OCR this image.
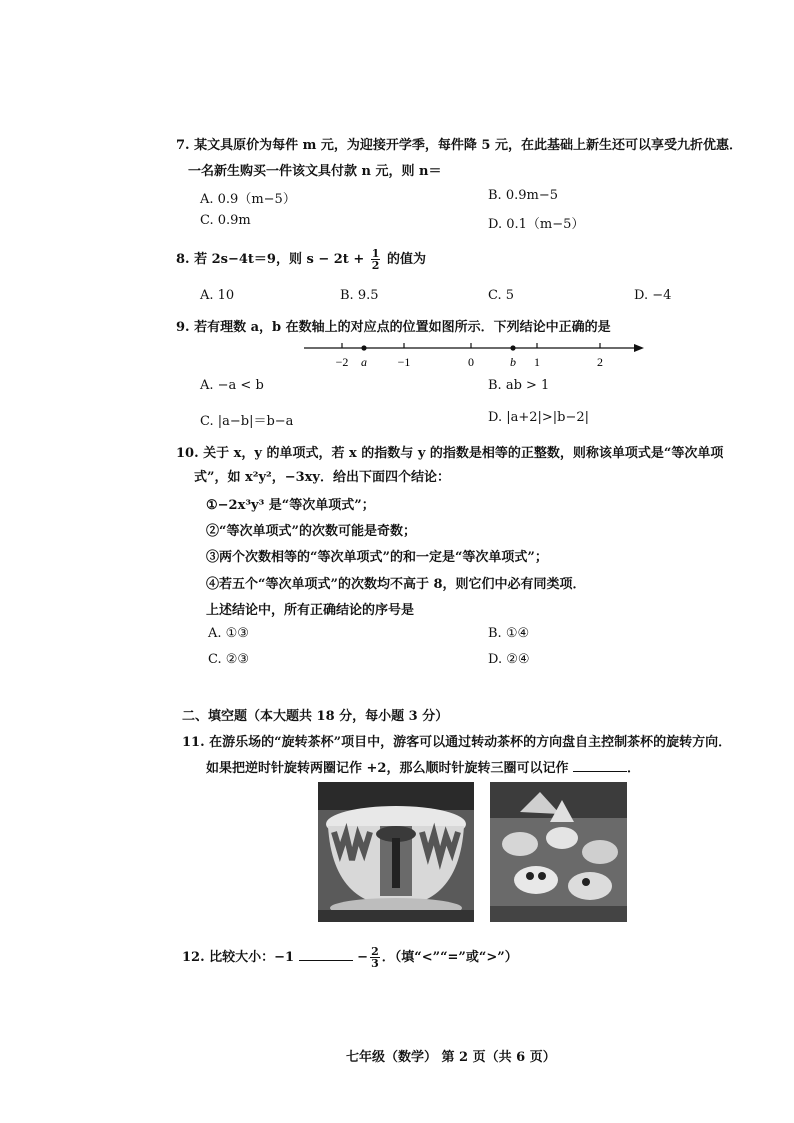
7. 某文具原价为每件 m 元，为迎接开学季，每件降 5 元，在此基础上新生还可以享受九折优惠．
一名新生购买一件该文具付款 n 元，则 n＝
A. 0.9（m−5）	B. 0.9m−5
C. 0.9m	D. 0.1（m−5）
8. 若 2s−4t＝9，则 $s - 2t + \frac{1}{2}$ 的值为
A. 10	B. 9.5	C. 5	D. −4
9. 若有理数 a，b 在数轴上的对应点的位置如图所示．下列结论中正确的是
−2 a	−1	0	b 1	2
A. −a < b	B. ab > 1
C. |a−b|＝b−a	D. |a+2|>|b−2|
10. 关于 x，y 的单项式，若 x 的指数与 y 的指数是相等的正整数，则称该单项式是“等次单项
式”，如 x²y²，−3xy．给出下面四个结论：
①−2x³y³ 是“等次单项式”；
②“等次单项式”的次数可能是奇数；
③两个次数相等的“等次单项式”的和一定是“等次单项式”；
④若五个“等次单项式”的次数均不高于 8，则它们中必有同类项．
上述结论中，所有正确结论的序号是
A. ①③	B. ①④
C. ②③	D. ②④
二、填空题（本大题共 18 分，每小题 3 分）
11. 在游乐场的“旋转茶杯”项目中，游客可以通过转动茶杯的方向盘自主控制茶杯的旋转方向．
如果把逆时针旋转两圈记作 +2，那么顺时针旋转三圈可以记作	．
12. 比较大小：−1	− $\frac{2}{3}$ ．（填“<”“=”或“>”）
七年级（数学） 第 2 页（共 6 页）
